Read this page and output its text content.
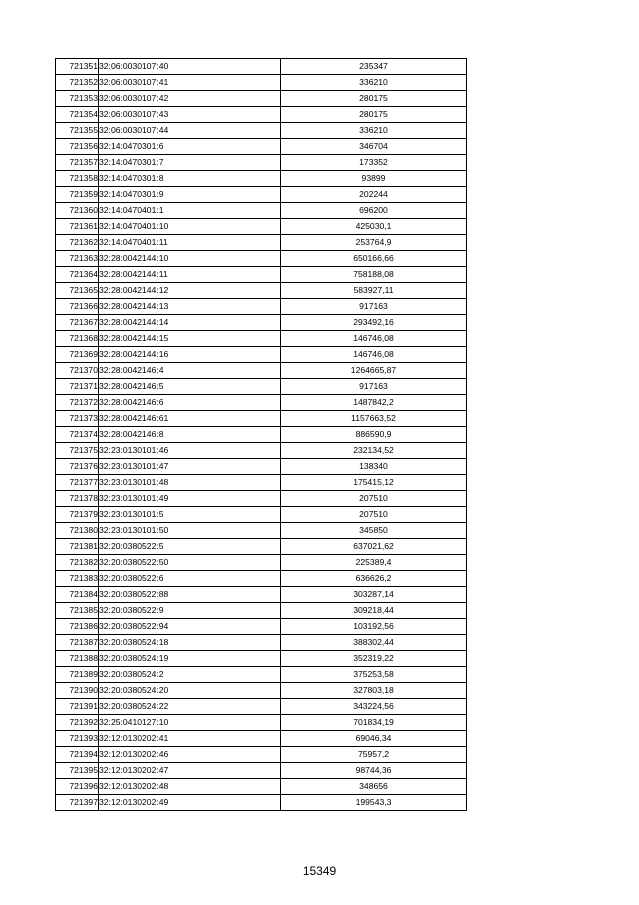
721351	32:06:0030107:40	235347
721352	32:06:0030107:41	336210
721353	32:06:0030107:42	280175
721354	32:06:0030107:43	280175
721355	32:06:0030107:44	336210
721356	32:14:0470301:6	346704
721357	32:14:0470301:7	173352
721358	32:14:0470301:8	93899
721359	32:14:0470301:9	202244
721360	32:14:0470401:1	696200
721361	32:14:0470401:10	425030,1
721362	32:14:0470401:11	253764,9
721363	32:28:0042144:10	650166,66
721364	32:28:0042144:11	758188,08
721365	32:28:0042144:12	583927,11
721366	32:28:0042144:13	917163
721367	32:28:0042144:14	293492,16
721368	32:28:0042144:15	146746,08
721369	32:28:0042144:16	146746,08
721370	32:28:0042146:4	1264665,87
721371	32:28:0042146:5	917163
721372	32:28:0042146:6	1487842,2
721373	32:28:0042146:61	1157663,52
721374	32:28:0042146:8	886590,9
721375	32:23:0130101:46	232134,52
721376	32:23:0130101:47	138340
721377	32:23:0130101:48	175415,12
721378	32:23:0130101:49	207510
721379	32:23:0130101:5	207510
721380	32:23:0130101:50	345850
721381	32:20:0380522:5	637021,62
721382	32:20:0380522:50	225389,4
721383	32:20:0380522:6	636626,2
721384	32:20:0380522:88	303287,14
721385	32:20:0380522:9	309218,44
721386	32:20:0380522:94	103192,56
721387	32:20:0380524:18	388302,44
721388	32:20:0380524:19	352319,22
721389	32:20:0380524:2	375253,58
721390	32:20:0380524:20	327803,18
721391	32:20:0380524:22	343224,56
721392	32:25:0410127:10	701834,19
721393	32:12:0130202:41	69046,34
721394	32:12:0130202:46	75957,2
721395	32:12:0130202:47	98744,36
721396	32:12:0130202:48	348656
721397	32:12:0130202:49	199543,3
15349
